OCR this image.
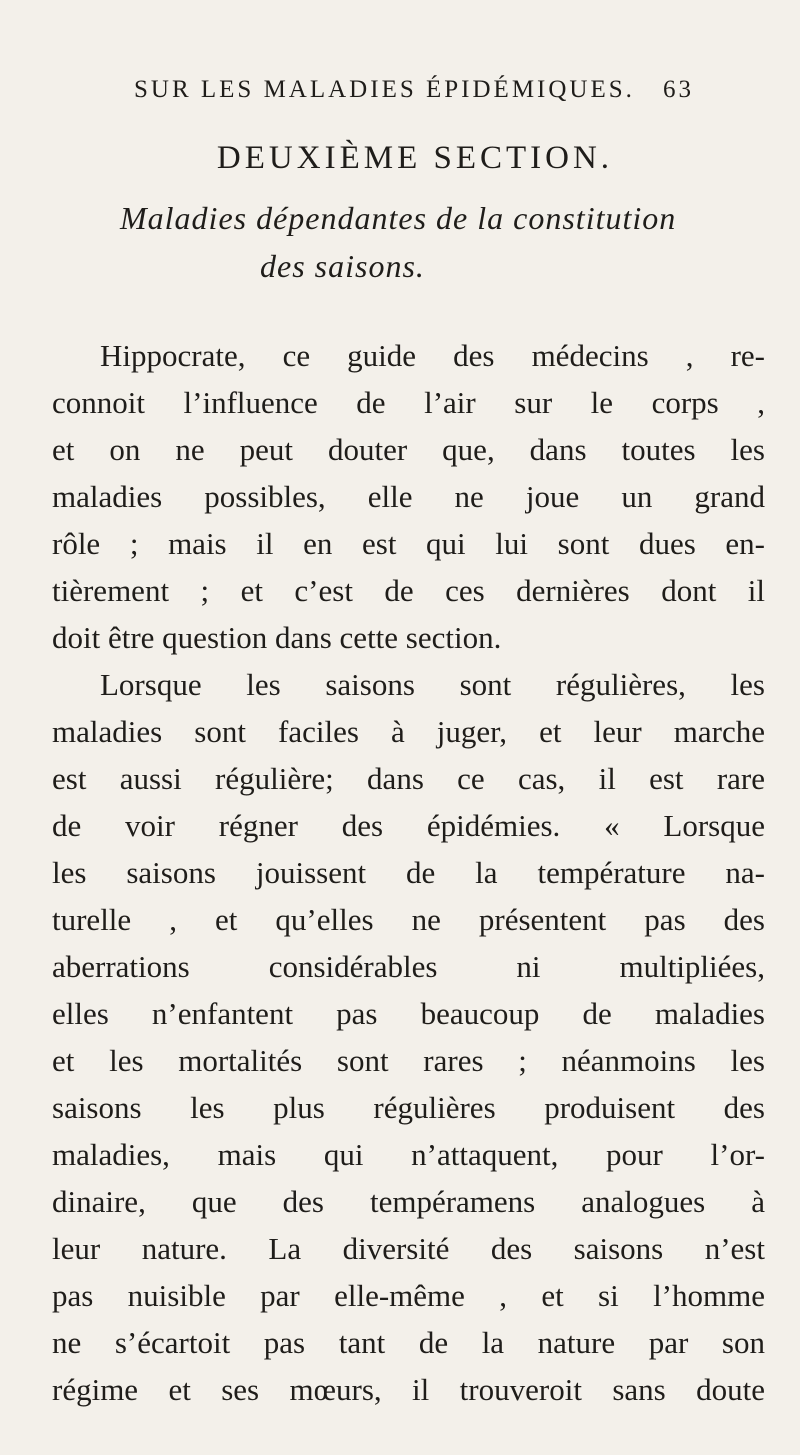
SUR LES MALADIES ÉPIDÉMIQUES. 63
DEUXIÈME SECTION.
Maladies dépendantes de la constitution
des saisons.
Hippocrate, ce guide des médecins , re-
connoit l’influence de l’air sur le corps ,
et on ne peut douter que, dans toutes les
maladies possibles, elle ne joue un grand
rôle ; mais il en est qui lui sont dues en-
tièrement ; et c’est de ces dernières dont il
doit être question dans cette section.
Lorsque les saisons sont régulières, les
maladies sont faciles à juger, et leur marche
est aussi régulière; dans ce cas, il est rare
de voir régner des épidémies. « Lorsque
les saisons jouissent de la température na-
turelle , et qu’elles ne présentent pas des
aberrations considérables ni multipliées,
elles n’enfantent pas beaucoup de maladies
et les mortalités sont rares ; néanmoins les
saisons les plus régulières produisent des
maladies, mais qui n’attaquent, pour l’or-
dinaire, que des tempéramens analogues à
leur nature. La diversité des saisons n’est
pas nuisible par elle-même , et si l’homme
ne s’écartoit pas tant de la nature par son
régime et ses mœurs, il trouveroit sans doute
